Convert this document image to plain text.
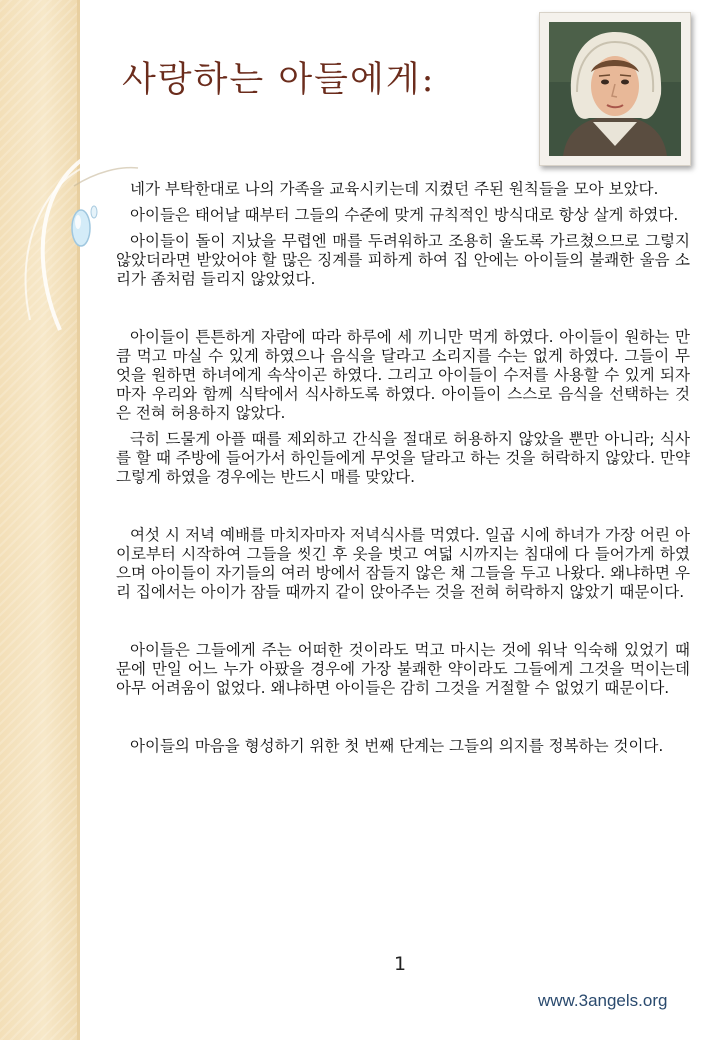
사랑하는 아들에게:

네가 부탁한대로 나의 가족을 교육시키는데 지켰던 주된 원칙들을 모아 보았다.

아이들은 태어날 때부터 그들의 수준에 맞게 규칙적인 방식대로 항상 살게 하였다.

아이들이 돌이 지났을 무렵엔 매를 두려워하고 조용히 울도록 가르쳤으므로 그렇지 않았더라면 받았어야 할 많은 징계를 피하게 하여 집 안에는 아이들의 불쾌한 울음 소리가 좀처럼 들리지 않았었다.

아이들이 튼튼하게 자람에 따라 하루에 세 끼니만 먹게 하였다. 아이들이 원하는 만큼 먹고 마실 수 있게 하였으나 음식을 달라고 소리지를 수는 없게 하였다. 그들이 무엇을 원하면 하녀에게 속삭이곤 하였다. 그리고 아이들이 수저를 사용할 수 있게 되자마자 우리와 함께 식탁에서 식사하도록 하였다. 아이들이 스스로 음식을 선택하는 것은 전혀 허용하지 않았다.

극히 드물게 아플 때를 제외하고 간식을 절대로 허용하지 않았을 뿐만 아니라; 식사를 할 때 주방에 들어가서 하인들에게 무엇을 달라고 하는 것을 허락하지 않았다. 만약 그렇게 하였을 경우에는 반드시 매를 맞았다.

여섯 시 저녁 예배를 마치자마자 저녁식사를 먹였다. 일곱 시에 하녀가 가장 어린 아이로부터 시작하여 그들을 씻긴 후 옷을 벗고 여덟 시까지는 침대에 다 들어가게 하였으며 아이들이 자기들의 여러 방에서 잠들지 않은 채 그들을 두고 나왔다. 왜냐하면 우리 집에서는 아이가 잠들 때까지 같이 앉아주는 것을 전혀 허락하지 않았기 때문이다.

아이들은 그들에게 주는 어떠한 것이라도 먹고 마시는 것에 워낙 익숙해 있었기 때문에 만일 어느 누가 아팠을 경우에 가장 불쾌한 약이라도 그들에게 그것을 먹이는데 아무 어려움이 없었다. 왜냐하면 아이들은 감히 그것을 거절할 수 없었기 때문이다.

아이들의 마음을 형성하기 위한 첫 번째 단계는 그들의 의지를 정복하는 것이다.

1
www.3angels.org
